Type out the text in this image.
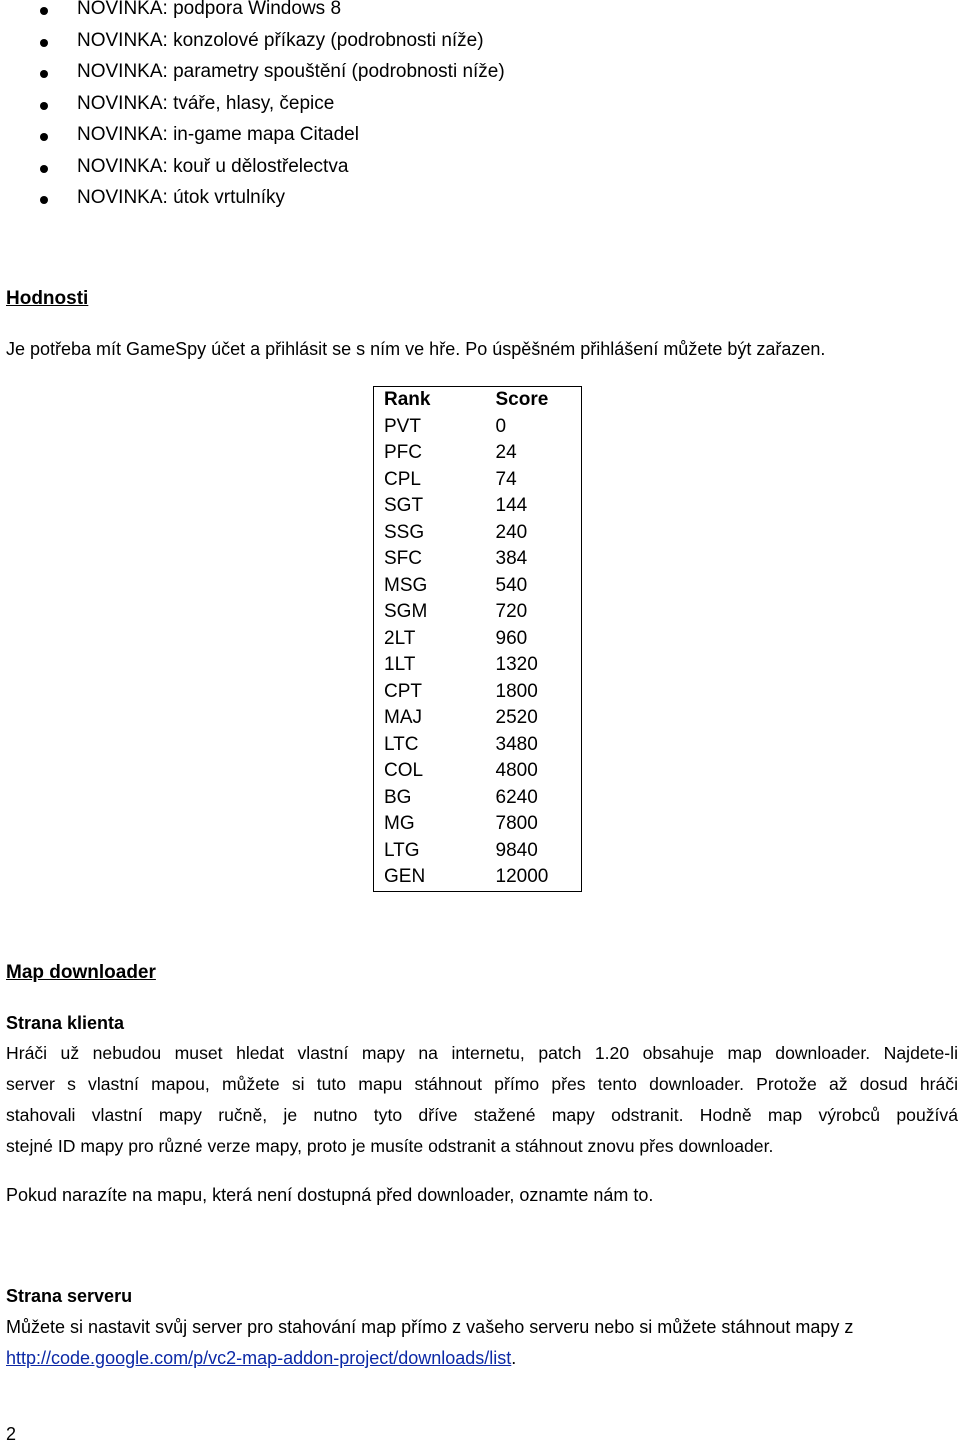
NOVINKA: podpora Windows 8
NOVINKA: konzolové příkazy (podrobnosti níže)
NOVINKA: parametry spouštění (podrobnosti níže)
NOVINKA: tváře, hlasy, čepice
NOVINKA: in-game mapa Citadel
NOVINKA: kouř u dělostřelectva
NOVINKA: útok vrtulníky
Hodnosti
Je potřeba mít GameSpy účet a přihlásit se s ním ve hře. Po úspěšném přihlášení můžete být zařazen.
Rank	Score
PVT	0
PFC	24
CPL	74
SGT	144
SSG	240
SFC	384
MSG	540
SGM	720
2LT	960
1LT	1320
CPT	1800
MAJ	2520
LTC	3480
COL	4800
BG	6240
MG	7800
LTG	9840
GEN	12000
Map downloader
Strana klienta
Hráči už nebudou muset hledat vlastní mapy na internetu, patch 1.20 obsahuje map downloader. Najdete-li
server s vlastní mapou, můžete si tuto mapu stáhnout přímo přes tento downloader. Protože až dosud hráči
stahovali vlastní mapy ručně, je nutno tyto dříve stažené mapy odstranit. Hodně map výrobců používá
stejné ID mapy pro různé verze mapy, proto je musíte odstranit a stáhnout znovu přes downloader.
Pokud narazíte na mapu, která není dostupná před downloader, oznamte nám to.
Strana serveru
Můžete si nastavit svůj server pro stahování map přímo z vašeho serveru nebo si můžete stáhnout mapy z
http://code.google.com/p/vc2-map-addon-project/downloads/list.
2
